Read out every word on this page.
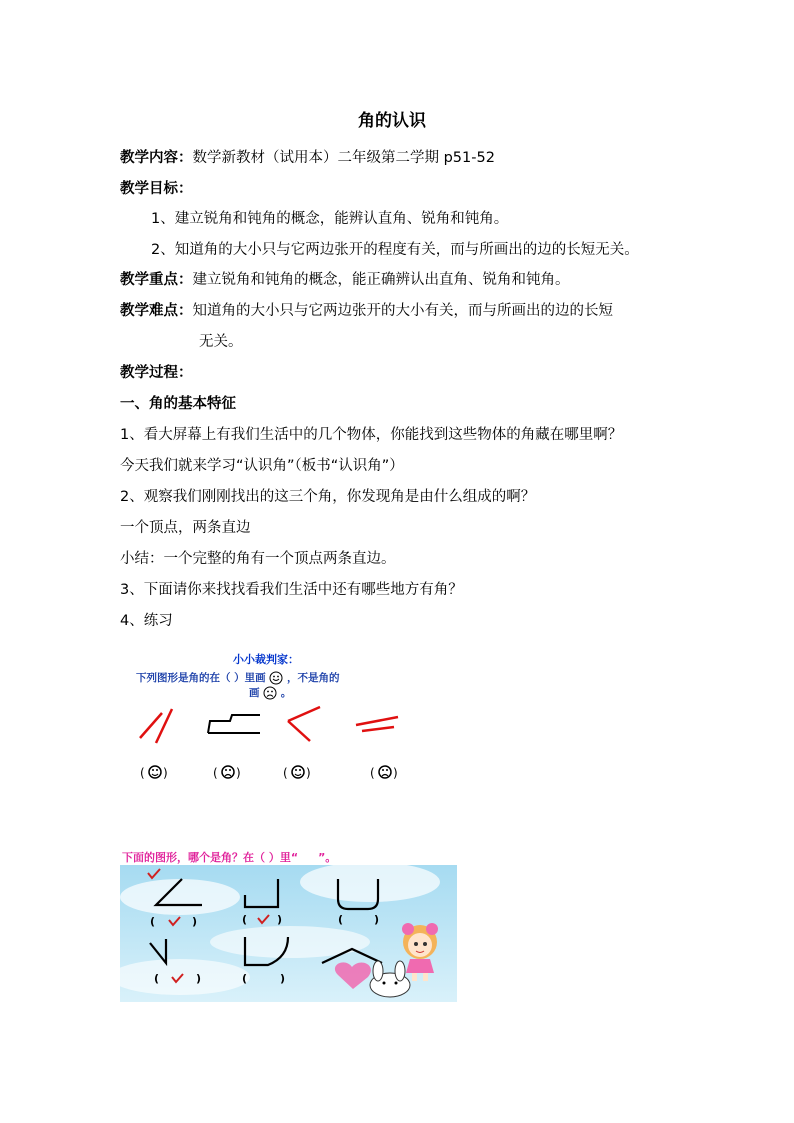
角的认识
教学内容：数学新教材（试用本）二年级第二学期 p51-52
教学目标：
1、建立锐角和钝角的概念，能辨认直角、锐角和钝角。
2、知道角的大小只与它两边张开的程度有关，而与所画出的边的长短无关。
教学重点：建立锐角和钝角的概念，能正确辨认出直角、锐角和钝角。
教学难点：知道角的大小只与它两边张开的大小有关，而与所画出的边的长短
无关。
教学过程：
一、角的基本特征
1、看大屏幕上有我们生活中的几个物体，你能找到这些物体的角藏在哪里啊？
今天我们就来学习“认识角”（板书“认识角”）
2、观察我们刚刚找出的这三个角，你发现角是由什么组成的啊？
一个顶点，两条直边
小结：一个完整的角有一个顶点两条直边。
3、下面请你来找找看我们生活中还有哪些地方有角？
4、练习
小小裁判家：
下列图形是角的在（ ）里画 ，不是角的
画 。
( )	( )	( )	( )
下面的图形，哪个是角？在（ ）里“ ”。
(	)	(	)	(	)
(	)	(	)
